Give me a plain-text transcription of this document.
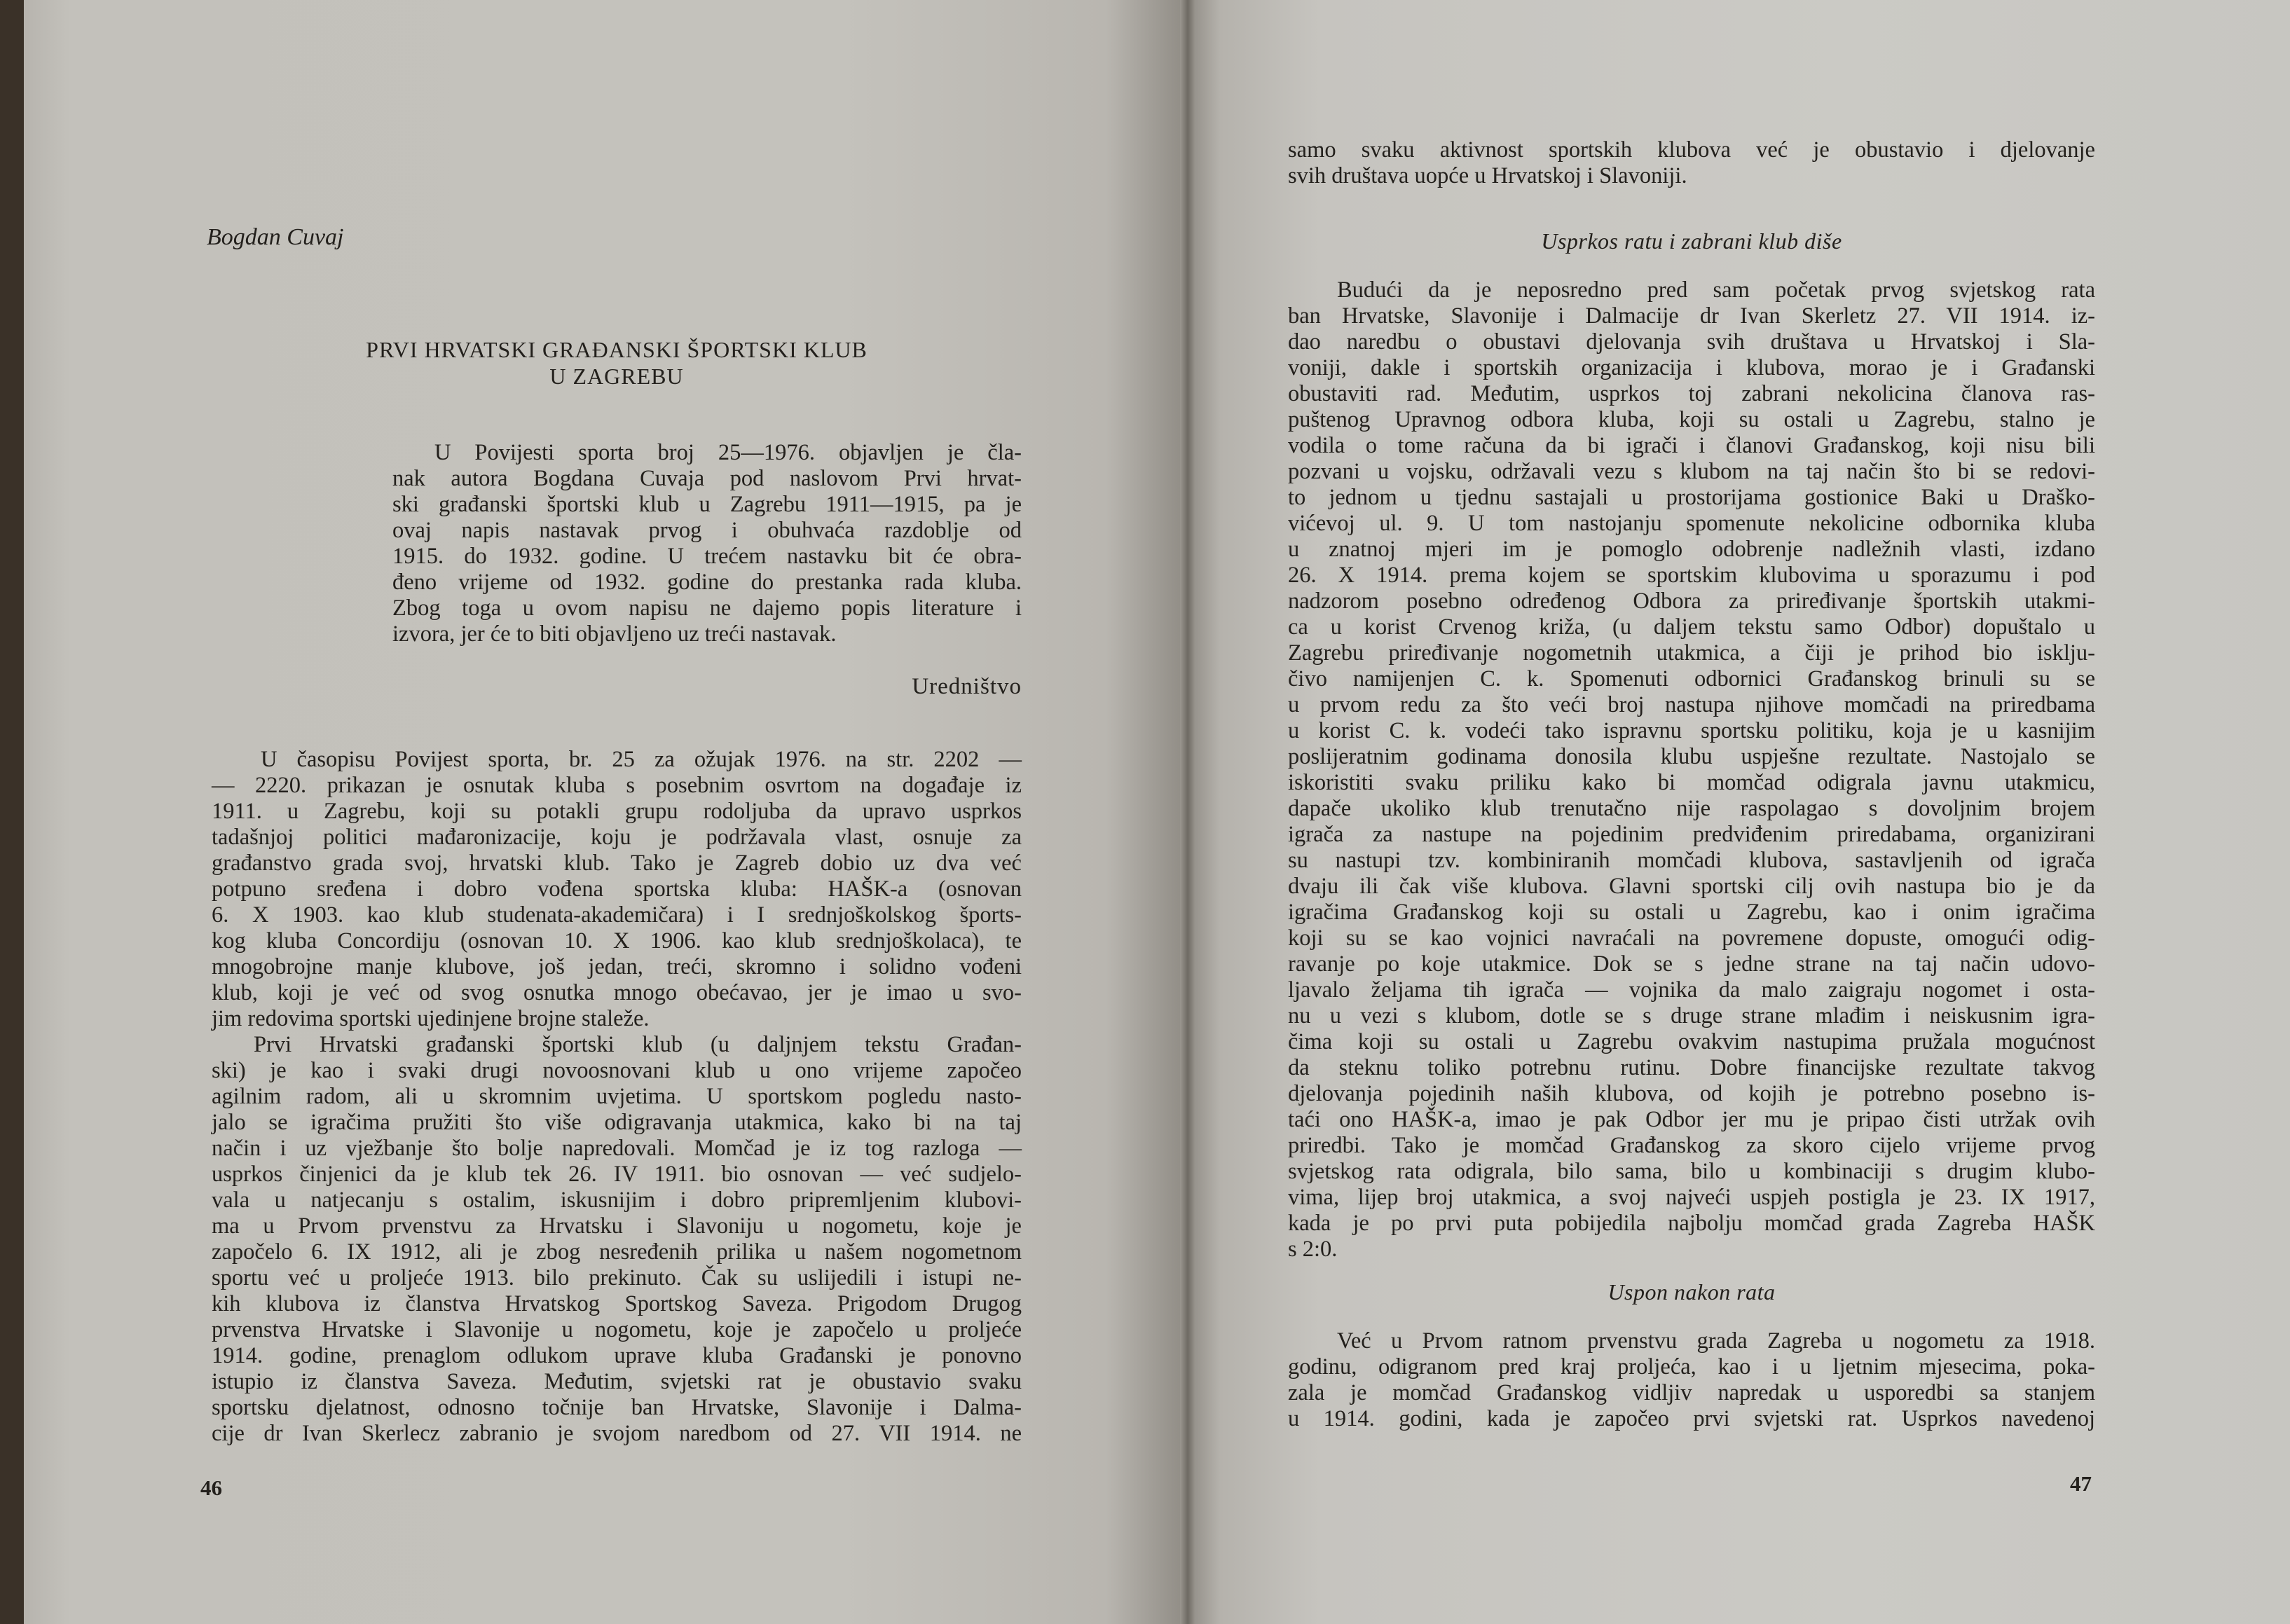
Bogdan Cuvaj
PRVI HRVATSKI GRAĐANSKI ŠPORTSKI KLUB
U ZAGREBU

U Povijesti sporta broj 25—1976. objavljen je čla-

nak autora Bogdana Cuvaja pod naslovom Prvi hrvat-

ski građanski športski klub u Zagrebu 1911—1915, pa je

ovaj napis nastavak prvog i obuhvaća razdoblje od

1915. do 1932. godine. U trećem nastavku bit će obra-

đeno vrijeme od 1932. godine do prestanka rada kluba.

Zbog toga u ovom napisu ne dajemo popis literature i

izvora, jer će to biti objavljeno uz treći nastavak.

Uredništvo

U časopisu Povijest sporta, br. 25 za ožujak 1976. na str. 2202 —

— 2220. prikazan je osnutak kluba s posebnim osvrtom na događaje iz

1911. u Zagrebu, koji su potakli grupu rodoljuba da upravo usprkos

tadašnjoj politici mađaronizacije, koju je podržavala vlast, osnuje za

građanstvo grada svoj, hrvatski klub. Tako je Zagreb dobio uz dva već

potpuno sređena i dobro vođena sportska kluba: HAŠK-a (osnovan

6. X 1903. kao klub studenata-akademičara) i I srednjoškolskog šports-

kog kluba Concordiju (osnovan 10. X 1906. kao klub srednjoškolaca), te

mnogobrojne manje klubove, još jedan, treći, skromno i solidno vođeni

klub, koji je već od svog osnutka mnogo obećavao, jer je imao u svo-

jim redovima sportski ujedinjene brojne staleže.

Prvi Hrvatski građanski športski klub (u daljnjem tekstu Građan-

ski) je kao i svaki drugi novoosnovani klub u ono vrijeme započeo

agilnim radom, ali u skromnim uvjetima. U sportskom pogledu nasto-

jalo se igračima pružiti što više odigravanja utakmica, kako bi na taj

način i uz vježbanje što bolje napredovali. Momčad je iz tog razloga —

usprkos činjenici da je klub tek 26. IV 1911. bio osnovan — već sudjelo-

vala u natjecanju s ostalim, iskusnijim i dobro pripremljenim klubovi-

ma u Prvom prvenstvu za Hrvatsku i Slavoniju u nogometu, koje je

započelo 6. IX 1912, ali je zbog nesređenih prilika u našem nogometnom

sportu već u proljeće 1913. bilo prekinuto. Čak su uslijedili i istupi ne-

kih klubova iz članstva Hrvatskog Sportskog Saveza. Prigodom Drugog

prvenstva Hrvatske i Slavonije u nogometu, koje je započelo u proljeće

1914. godine, prenaglom odlukom uprave kluba Građanski je ponovno

istupio iz članstva Saveza. Međutim, svjetski rat je obustavio svaku

sportsku djelatnost, odnosno točnije ban Hrvatske, Slavonije i Dalma-

cije dr Ivan Skerlecz zabranio je svojom naredbom od 27. VII 1914. ne

46

samo svaku aktivnost sportskih klubova već je obustavio i djelovanje

svih društava uopće u Hrvatskoj i Slavoniji.

Usprkos ratu i zabrani klub diše

Budući da je neposredno pred sam početak prvog svjetskog rata

ban Hrvatske, Slavonije i Dalmacije dr Ivan Skerletz 27. VII 1914. iz-

dao naredbu o obustavi djelovanja svih društava u Hrvatskoj i Sla-

voniji, dakle i sportskih organizacija i klubova, morao je i Građanski

obustaviti rad. Međutim, usprkos toj zabrani nekolicina članova ras-

puštenog Upravnog odbora kluba, koji su ostali u Zagrebu, stalno je

vodila o tome računa da bi igrači i članovi Građanskog, koji nisu bili

pozvani u vojsku, održavali vezu s klubom na taj način što bi se redovi-

to jednom u tjednu sastajali u prostorijama gostionice Baki u Draško-

vićevoj ul. 9. U tom nastojanju spomenute nekolicine odbornika kluba

u znatnoj mjeri im je pomoglo odobrenje nadležnih vlasti, izdano

26. X 1914. prema kojem se sportskim klubovima u sporazumu i pod

nadzorom posebno određenog Odbora za priređivanje športskih utakmi-

ca u korist Crvenog križa, (u daljem tekstu samo Odbor) dopuštalo u

Zagrebu priređivanje nogometnih utakmica, a čiji je prihod bio isklju-

čivo namijenjen C. k. Spomenuti odbornici Građanskog brinuli su se

u prvom redu za što veći broj nastupa njihove momčadi na priredbama

u korist C. k. vodeći tako ispravnu sportsku politiku, koja je u kasnijim

poslijeratnim godinama donosila klubu uspješne rezultate. Nastojalo se

iskoristiti svaku priliku kako bi momčad odigrala javnu utakmicu,

dapače ukoliko klub trenutačno nije raspolagao s dovoljnim brojem

igrača za nastupe na pojedinim predviđenim priredabama, organizirani

su nastupi tzv. kombiniranih momčadi klubova, sastavljenih od igrača

dvaju ili čak više klubova. Glavni sportski cilj ovih nastupa bio je da

igračima Građanskog koji su ostali u Zagrebu, kao i onim igračima

koji su se kao vojnici navraćali na povremene dopuste, omogući odig-

ravanje po koje utakmice. Dok se s jedne strane na taj način udovo-

ljavalo željama tih igrača — vojnika da malo zaigraju nogomet i osta-

nu u vezi s klubom, dotle se s druge strane mlađim i neiskusnim igra-

čima koji su ostali u Zagrebu ovakvim nastupima pružala mogućnost

da steknu toliko potrebnu rutinu. Dobre financijske rezultate takvog

djelovanja pojedinih naših klubova, od kojih je potrebno posebno is-

taći ono HAŠK-a, imao je pak Odbor jer mu je pripao čisti utržak ovih

priredbi. Tako je momčad Građanskog za skoro cijelo vrijeme prvog

svjetskog rata odigrala, bilo sama, bilo u kombinaciji s drugim klubo-

vima, lijep broj utakmica, a svoj najveći uspjeh postigla je 23. IX 1917,

kada je po prvi puta pobijedila najbolju momčad grada Zagreba HAŠK

s 2:0.

Uspon nakon rata

Već u Prvom ratnom prvenstvu grada Zagreba u nogometu za 1918.

godinu, odigranom pred kraj proljeća, kao i u ljetnim mjesecima, poka-

zala je momčad Građanskog vidljiv napredak u usporedbi sa stanjem

u 1914. godini, kada je započeo prvi svjetski rat. Usprkos navedenoj

47
